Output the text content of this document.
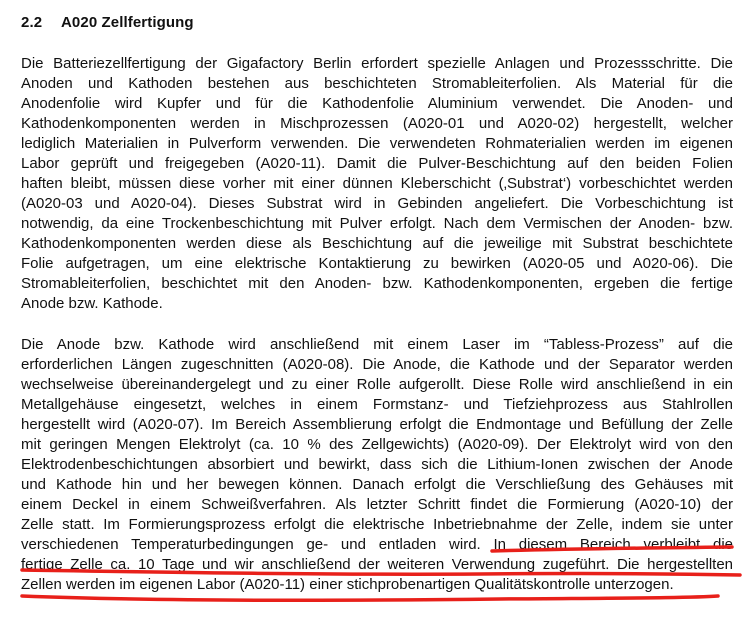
2.2 A020 Zellfertigung
Die Batteriezellfertigung der Gigafactory Berlin erfordert spezielle Anlagen und Prozessschritte. Die
Anoden und Kathoden bestehen aus beschichteten Stromableiterfolien. Als Material für die
Anodenfolie wird Kupfer und für die Kathodenfolie Aluminium verwendet. Die Anoden- und
Kathodenkomponenten werden in Mischprozessen (A020-01 und A020-02) hergestellt, welcher
lediglich Materialien in Pulverform verwenden. Die verwendeten Rohmaterialien werden im eigenen
Labor geprüft und freigegeben (A020-11). Damit die Pulver-Beschichtung auf den beiden Folien
haften bleibt, müssen diese vorher mit einer dünnen Kleberschicht (‚Substrat‘) vorbeschichtet werden
(A020-03 und A020-04). Dieses Substrat wird in Gebinden angeliefert. Die Vorbeschichtung ist
notwendig, da eine Trockenbeschichtung mit Pulver erfolgt. Nach dem Vermischen der Anoden- bzw.
Kathodenkomponenten werden diese als Beschichtung auf die jeweilige mit Substrat beschichtete
Folie aufgetragen, um eine elektrische Kontaktierung zu bewirken (A020-05 und A020-06). Die
Stromableiterfolien, beschichtet mit den Anoden- bzw. Kathodenkomponenten, ergeben die fertige
Anode bzw. Kathode.
Die Anode bzw. Kathode wird anschließend mit einem Laser im “Tabless-Prozess” auf die
erforderlichen Längen zugeschnitten (A020-08). Die Anode, die Kathode und der Separator werden
wechselweise übereinandergelegt und zu einer Rolle aufgerollt. Diese Rolle wird anschließend in ein
Metallgehäuse eingesetzt, welches in einem Formstanz- und Tiefziehprozess aus Stahlrollen
hergestellt wird (A020-07). Im Bereich Assemblierung erfolgt die Endmontage und Befüllung der Zelle
mit geringen Mengen Elektrolyt (ca. 10 % des Zellgewichts) (A020-09). Der Elektrolyt wird von den
Elektrodenbeschichtungen absorbiert und bewirkt, dass sich die Lithium-Ionen zwischen der Anode
und Kathode hin und her bewegen können. Danach erfolgt die Verschließung des Gehäuses mit
einem Deckel in einem Schweißverfahren. Als letzter Schritt findet die Formierung (A020-10) der
Zelle statt. Im Formierungsprozess erfolgt die elektrische Inbetriebnahme der Zelle, indem sie unter
verschiedenen Temperaturbedingungen ge- und entladen wird. In diesem Bereich verbleibt die
fertige Zelle ca. 10 Tage und wir anschließend der weiteren Verwendung zugeführt. Die hergestellten
Zellen werden im eigenen Labor (A020-11) einer stichprobenartigen Qualitätskontrolle unterzogen.
